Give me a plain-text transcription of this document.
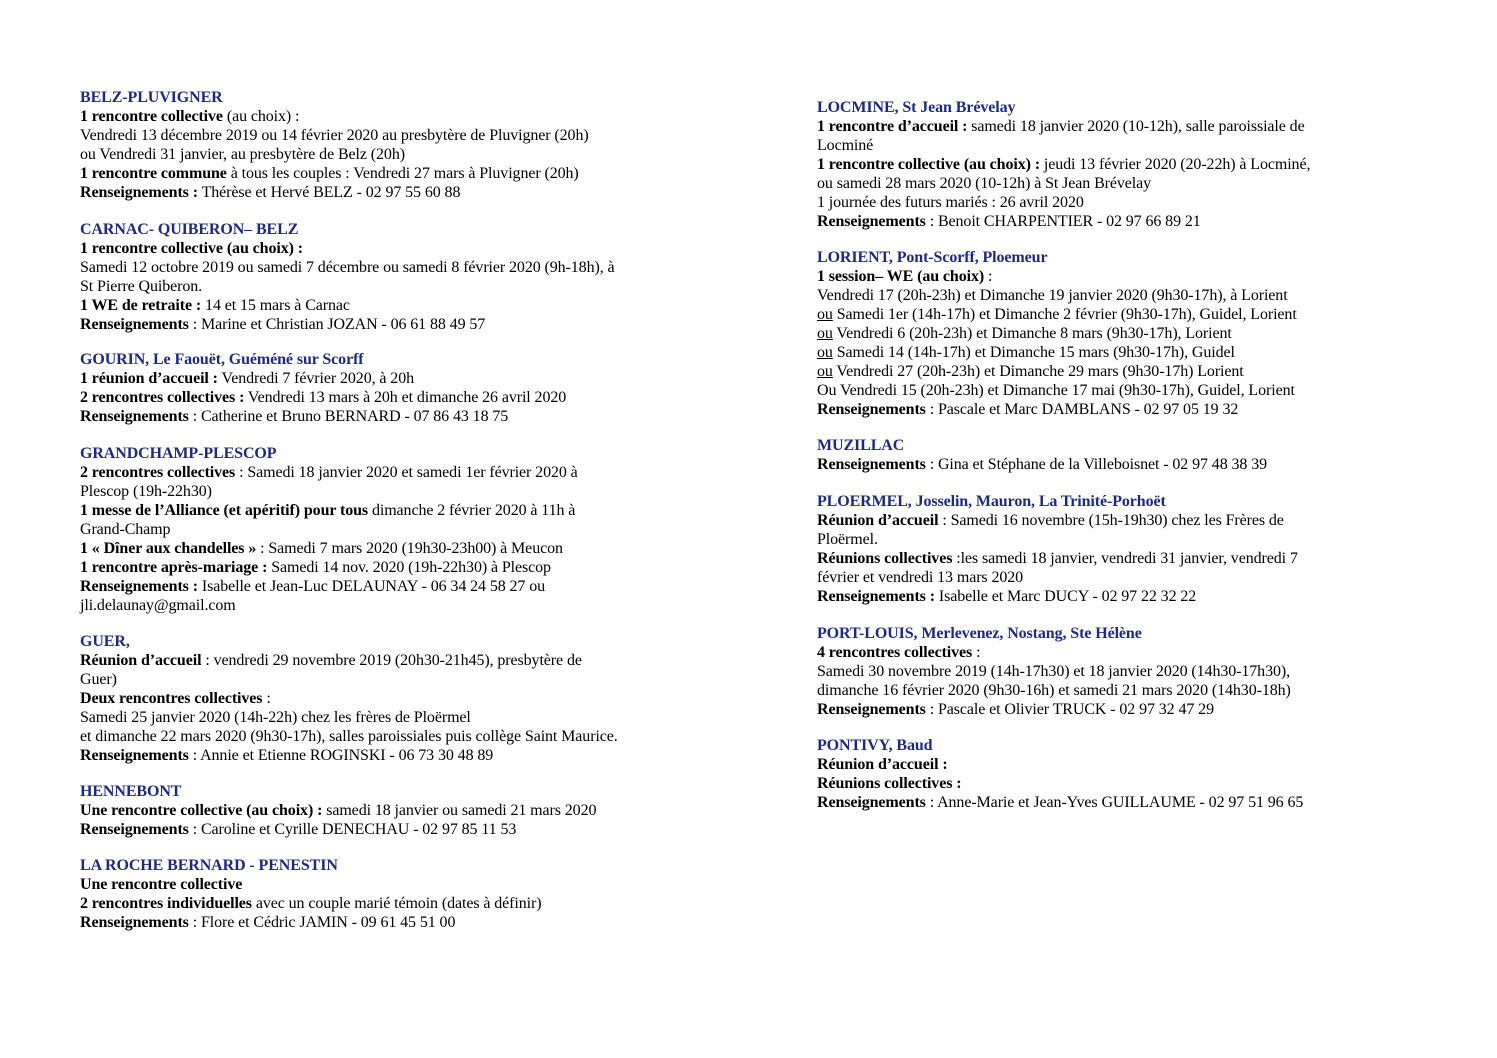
BELZ-PLUVIGNER
1 rencontre collective (au choix) :
Vendredi 13 décembre 2019 ou 14 février 2020 au presbytère de Pluvigner (20h)
ou Vendredi 31 janvier, au presbytère de Belz (20h)
1 rencontre commune à tous les couples : Vendredi 27 mars à Pluvigner (20h)
Renseignements : Thérèse et Hervé BELZ - 02 97 55 60 88
CARNAC- QUIBERON– BELZ
1 rencontre collective (au choix) :
Samedi 12 octobre 2019 ou samedi 7 décembre ou samedi 8 février 2020 (9h-18h), à
St Pierre Quiberon.
1 WE de retraite : 14 et 15 mars à Carnac
Renseignements : Marine et Christian JOZAN - 06 61 88 49 57
GOURIN, Le Faouët, Guéméné sur Scorff
1 réunion d’accueil : Vendredi 7 février 2020, à 20h
2 rencontres collectives : Vendredi 13 mars à 20h et dimanche 26 avril 2020
Renseignements : Catherine et Bruno BERNARD - 07 86 43 18 75
GRANDCHAMP-PLESCOP
2 rencontres collectives : Samedi 18 janvier 2020 et samedi 1er février 2020 à
Plescop (19h-22h30)
1 messe de l’Alliance (et apéritif) pour tous dimanche 2 février 2020 à 11h à
Grand-Champ
1 « Dîner aux chandelles » : Samedi 7 mars 2020 (19h30-23h00) à Meucon
1 rencontre après-mariage : Samedi 14 nov. 2020 (19h-22h30) à Plescop
Renseignements : Isabelle et Jean-Luc DELAUNAY - 06 34 24 58 27 ou
jli.delaunay@gmail.com
GUER,
Réunion d’accueil : vendredi 29 novembre 2019 (20h30-21h45), presbytère de
Guer)
Deux rencontres collectives :
Samedi 25 janvier 2020 (14h-22h) chez les frères de Ploërmel
et dimanche 22 mars 2020 (9h30-17h), salles paroissiales puis collège Saint Maurice.
Renseignements : Annie et Etienne ROGINSKI - 06 73 30 48 89
HENNEBONT
Une rencontre collective (au choix) : samedi 18 janvier ou samedi 21 mars 2020
Renseignements : Caroline et Cyrille DENECHAU - 02 97 85 11 53
LA ROCHE BERNARD - PENESTIN
Une rencontre collective
2 rencontres individuelles avec un couple marié témoin (dates à définir)
Renseignements : Flore et Cédric JAMIN - 09 61 45 51 00
LOCMINE, St Jean Brévelay
1 rencontre d’accueil : samedi 18 janvier 2020 (10-12h), salle paroissiale de
Locminé
1 rencontre collective (au choix) : jeudi 13 février 2020 (20-22h) à Locminé,
ou samedi 28 mars 2020 (10-12h) à St Jean Brévelay
1 journée des futurs mariés : 26 avril 2020
Renseignements : Benoit CHARPENTIER - 02 97 66 89 21
LORIENT, Pont-Scorff, Ploemeur
1 session– WE (au choix) :
Vendredi 17 (20h-23h) et Dimanche 19 janvier 2020 (9h30-17h), à Lorient
ou Samedi 1er (14h-17h) et Dimanche 2 février (9h30-17h), Guidel, Lorient
ou Vendredi 6 (20h-23h) et Dimanche 8 mars (9h30-17h), Lorient
ou Samedi 14 (14h-17h) et Dimanche 15 mars (9h30-17h), Guidel
ou Vendredi 27 (20h-23h) et Dimanche 29 mars (9h30-17h) Lorient
Ou Vendredi 15 (20h-23h) et Dimanche 17 mai (9h30-17h), Guidel, Lorient
Renseignements : Pascale et Marc DAMBLANS - 02 97 05 19 32
MUZILLAC
Renseignements : Gina et Stéphane de la Villeboisnet - 02 97 48 38 39
PLOERMEL, Josselin, Mauron, La Trinité-Porhoët
Réunion d’accueil : Samedi 16 novembre (15h-19h30) chez les Frères de
Ploërmel.
Réunions collectives :les samedi 18 janvier, vendredi 31 janvier, vendredi 7
février et vendredi 13 mars 2020
Renseignements : Isabelle et Marc DUCY - 02 97 22 32 22
PORT-LOUIS, Merlevenez, Nostang, Ste Hélène
4 rencontres collectives :
Samedi 30 novembre 2019 (14h-17h30) et 18 janvier 2020 (14h30-17h30),
dimanche 16 février 2020 (9h30-16h) et samedi 21 mars 2020 (14h30-18h)
Renseignements : Pascale et Olivier TRUCK - 02 97 32 47 29
PONTIVY, Baud
Réunion d’accueil :
Réunions collectives :
Renseignements : Anne-Marie et Jean-Yves GUILLAUME - 02 97 51 96 65
